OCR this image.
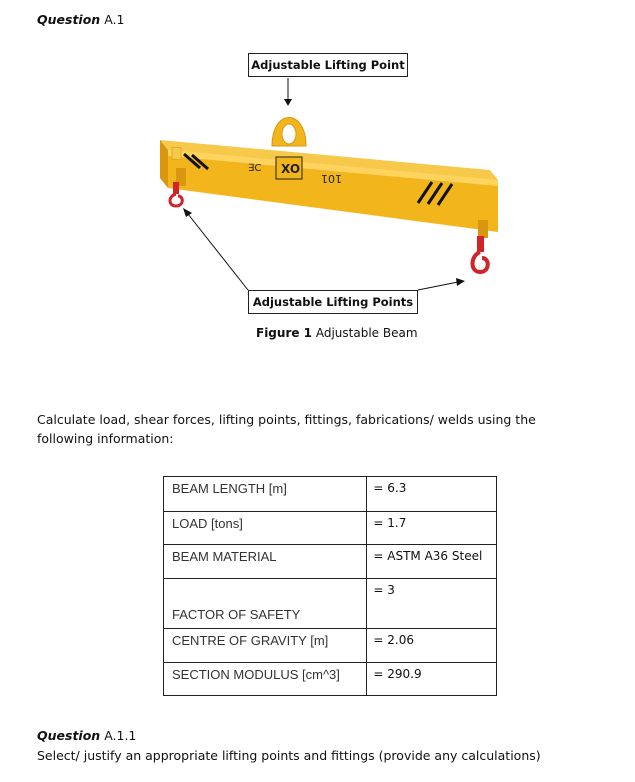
Question A.1
∃C XO
101
Adjustable Lifting Point
Adjustable Lifting Points
Figure 1 Adjustable Beam
Calculate load, shear forces, lifting points, fittings, fabrications/ welds using the following information:
BEAM LENGTH [m]	= 6.3
LOAD [tons]	= 1.7
BEAM MATERIAL	= ASTM A36 Steel
FACTOR OF SAFETY	= 3
CENTRE OF GRAVITY [m]	= 2.06
SECTION MODULUS [cm^3]	= 290.9
Question A.1.1
Select/ justify an appropriate lifting points and fittings (provide any calculations)
